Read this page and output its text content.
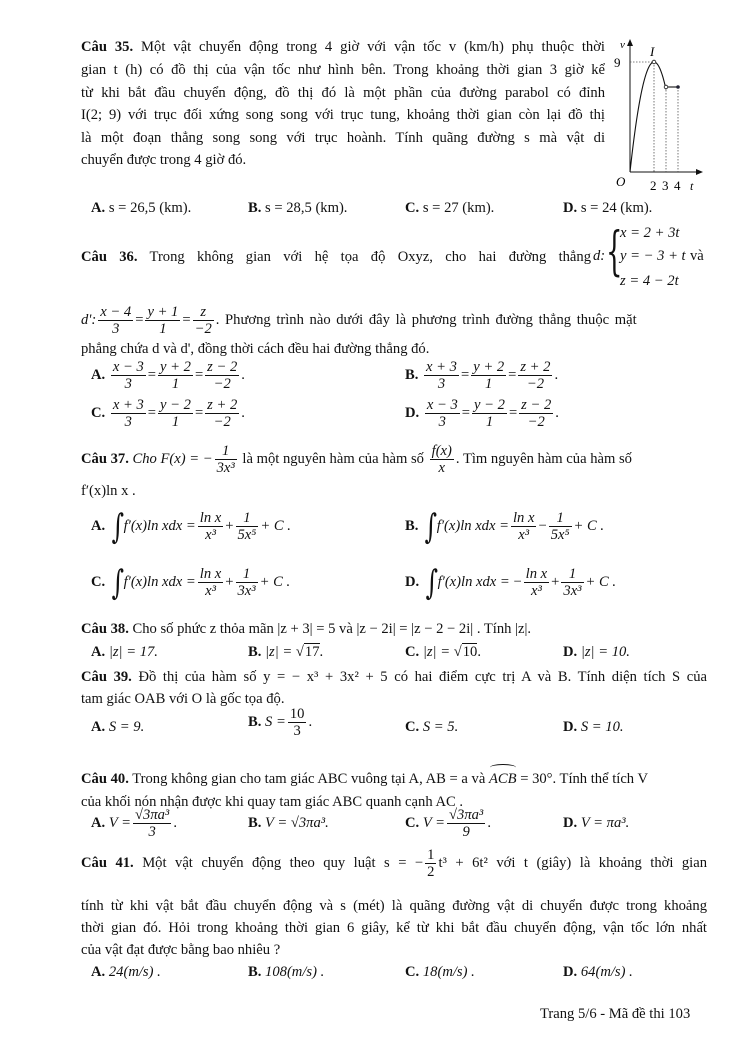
Câu 35. Một vật chuyển động trong 4 giờ với vận tốc v (km/h) phụ thuộc thời
gian t (h) có đồ thị của vận tốc như hình bên. Trong khoảng thời gian 3 giờ kể
từ khi bắt đầu chuyển động, đồ thị đó là một phần của đường parabol có đỉnh
I(2; 9) với trục đối xứng song song với trục tung, khoảng thời gian còn lại đồ thị
là một đoạn thẳng song song với trục hoành. Tính quãng đường s mà vật di
chuyển được trong 4 giờ đó.
v I
9
O 2 3 4 t
A. s = 26,5 (km).	B. s = 28,5 (km).	C. s = 27 (km).	D. s = 24 (km).
Câu 36. Trong không gian với hệ tọa độ Oxyz, cho hai đường thẳng d: {
x = 2 + 3t
y = − 3 + t
z = 4 − 2t
và
d': $\frac{x - 4}{3} = \frac{y + 1}{1} = \frac{z}{-2}$ . Phương trình nào dưới đây là phương trình đường thẳng thuộc mặt
phẳng chứa d và d', đồng thời cách đều hai đường thẳng đó.
A. $\frac{x - 3}{3} = \frac{y + 2}{1} = \frac{z - 2}{-2}$ .	B. $\frac{x + 3}{3} = \frac{y + 2}{1} = \frac{z + 2}{-2}$ .
C. $\frac{x + 3}{3} = \frac{y - 2}{1} = \frac{z + 2}{-2}$ .	D. $\frac{x - 3}{3} = \frac{y - 2}{1} = \frac{z - 2}{-2}$ .
Câu 37. Cho F(x) = − $\frac{1}{\text{3x³}}$ là một nguyên hàm của hàm số $\frac{f(x)}{x}$ . Tìm nguyên hàm của hàm số
f′(x)ln x .
A. ∫f′(x)ln xdx = $\frac{\text{ln x}}{\text{x³}} + \frac{1}{\text{5x⁵}} + C$ .	B. ∫f′(x)ln xdx = $\frac{\text{ln x}}{\text{x³}} - \frac{1}{\text{5x⁵}} + C$ .
C. ∫f′(x)ln xdx = $\frac{\text{ln x}}{\text{x³}} + \frac{1}{\text{3x³}} + C$ .	D. ∫f′(x)ln xdx = − $\frac{\text{ln x}}{\text{x³}} + \frac{1}{\text{3x³}} + C$ .
Câu 38. Cho số phức z thỏa mãn |z + 3| = 5 và |z − 2i| = |z − 2 − 2i| . Tính |z|.
A. |z| = 17.	B. |z| = √17.	C. |z| = √10.	D. |z| = 10.
Câu 39. Đồ thị của hàm số y = − x³ + 3x² + 5 có hai điểm cực trị A và B. Tính diện tích S của
tam giác OAB với O là gốc tọa độ.
A. S = 9.	B. $S = \frac{10}{3}$ .	C. S = 5.	D. S = 10.
Câu 40. Trong không gian cho tam giác ABC vuông tại A, AB = a và ACB = 30°. Tính thể tích V
của khối nón nhận được khi quay tam giác ABC quanh cạnh AC .
A. $V = \frac{\text{√3πa³}}{3}$ .	B. V = √3πa³.	C. $V = \frac{\text{√3πa³}}{9}$ .	D. V = πa³.
Câu 41. Một vật chuyển động theo quy luật s = − $\frac{1}{2} t^3 + 6t^2$ với t (giây) là khoảng thời gian
tính từ khi vật bắt đầu chuyển động và s (mét) là quãng đường vật di chuyển được trong khoảng
thời gian đó. Hỏi trong khoảng thời gian 6 giây, kể từ khi bắt đầu chuyển động, vận tốc lớn nhất
của vật đạt được bằng bao nhiêu ?
A. 24(m/s) .	B. 108(m/s) .	C. 18(m/s) .	D. 64(m/s) .
Trang 5/6 - Mã đề thi 103
